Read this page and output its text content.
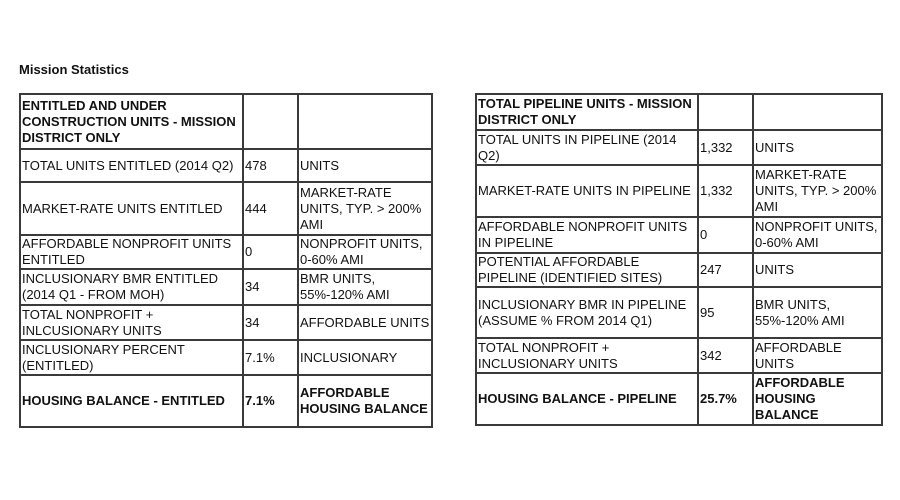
Mission Statistics
ENTITLED AND UNDER CONSTRUCTION UNITS - MISSION DISTRICT ONLY		
TOTAL UNITS ENTITLED (2014 Q2)	478	UNITS
MARKET-RATE UNITS ENTITLED	444	MARKET-RATE UNITS, TYP. > 200% AMI
AFFORDABLE NONPROFIT UNITS ENTITLED	0	NONPROFIT UNITS, 0-60% AMI
INCLUSIONARY BMR ENTITLED (2014 Q1 - FROM MOH)	34	BMR UNITS, 55%-120% AMI
TOTAL NONPROFIT + INLCUSIONARY UNITS	34	AFFORDABLE UNITS
INCLUSIONARY PERCENT (ENTITLED)	7.1%	INCLUSIONARY
HOUSING BALANCE - ENTITLED	7.1%	AFFORDABLE HOUSING BALANCE
TOTAL PIPELINE UNITS - MISSION DISTRICT ONLY		
TOTAL UNITS IN PIPELINE (2014 Q2)	1,332	UNITS
MARKET-RATE UNITS IN PIPELINE	1,332	MARKET-RATE UNITS, TYP. > 200% AMI
AFFORDABLE NONPROFIT UNITS IN PIPELINE	0	NONPROFIT UNITS, 0-60% AMI
POTENTIAL AFFORDABLE PIPELINE (IDENTIFIED SITES)	247	UNITS
INCLUSIONARY BMR IN PIPELINE (ASSUME % FROM 2014 Q1)	95	BMR UNITS, 55%-120% AMI
TOTAL NONPROFIT + INCLUSIONARY UNITS	342	AFFORDABLE UNITS
HOUSING BALANCE - PIPELINE	25.7%	AFFORDABLE HOUSING BALANCE
